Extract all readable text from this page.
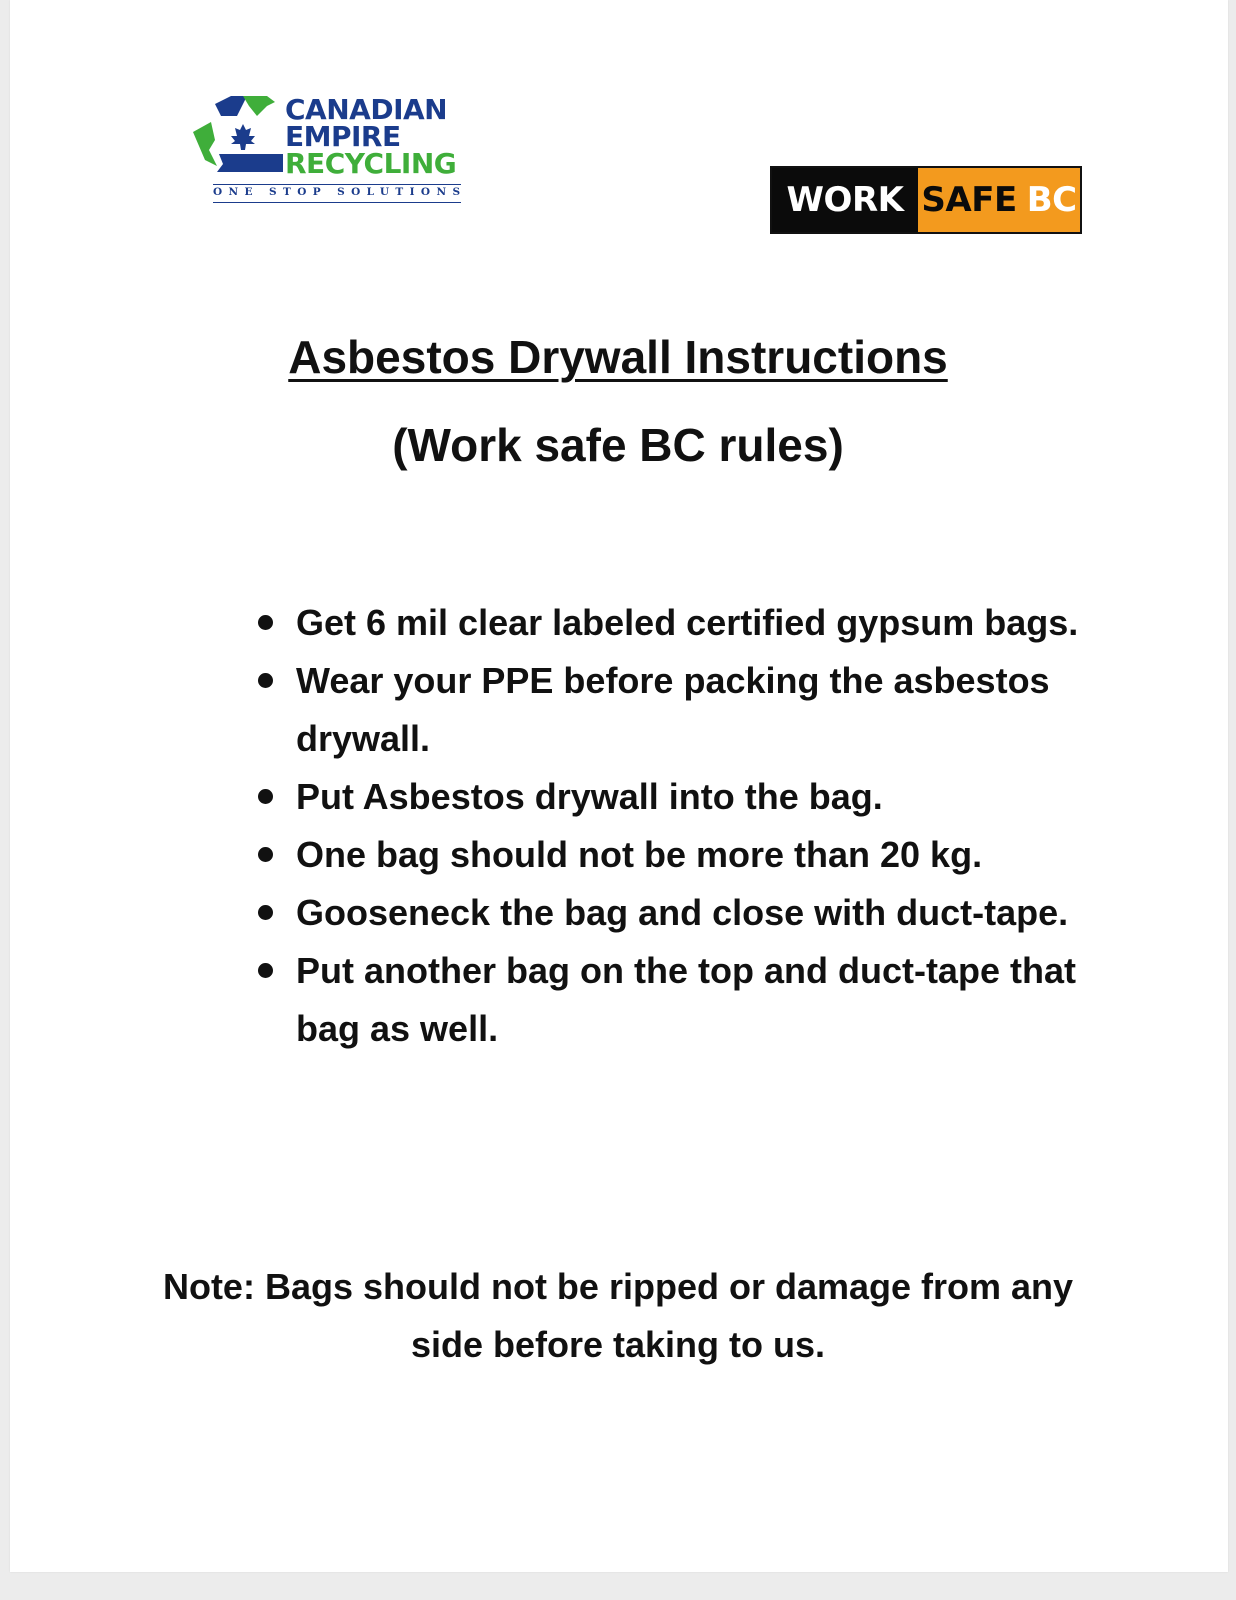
CANADIAN
EMPIRE
RECYCLING
ONE STOP SOLUTIONS	WORK SAFE BC
Asbestos Drywall Instructions
(Work safe BC rules)
Get 6 mil clear labeled certified gypsum bags.
Wear your PPE before packing the asbestos drywall.
Put Asbestos drywall into the bag.
One bag should not be more than 20 kg.
Gooseneck the bag and close with duct-tape.
Put another bag on the top and duct-tape that bag as well.
Note: Bags should not be ripped or damage from any side before taking to us.
